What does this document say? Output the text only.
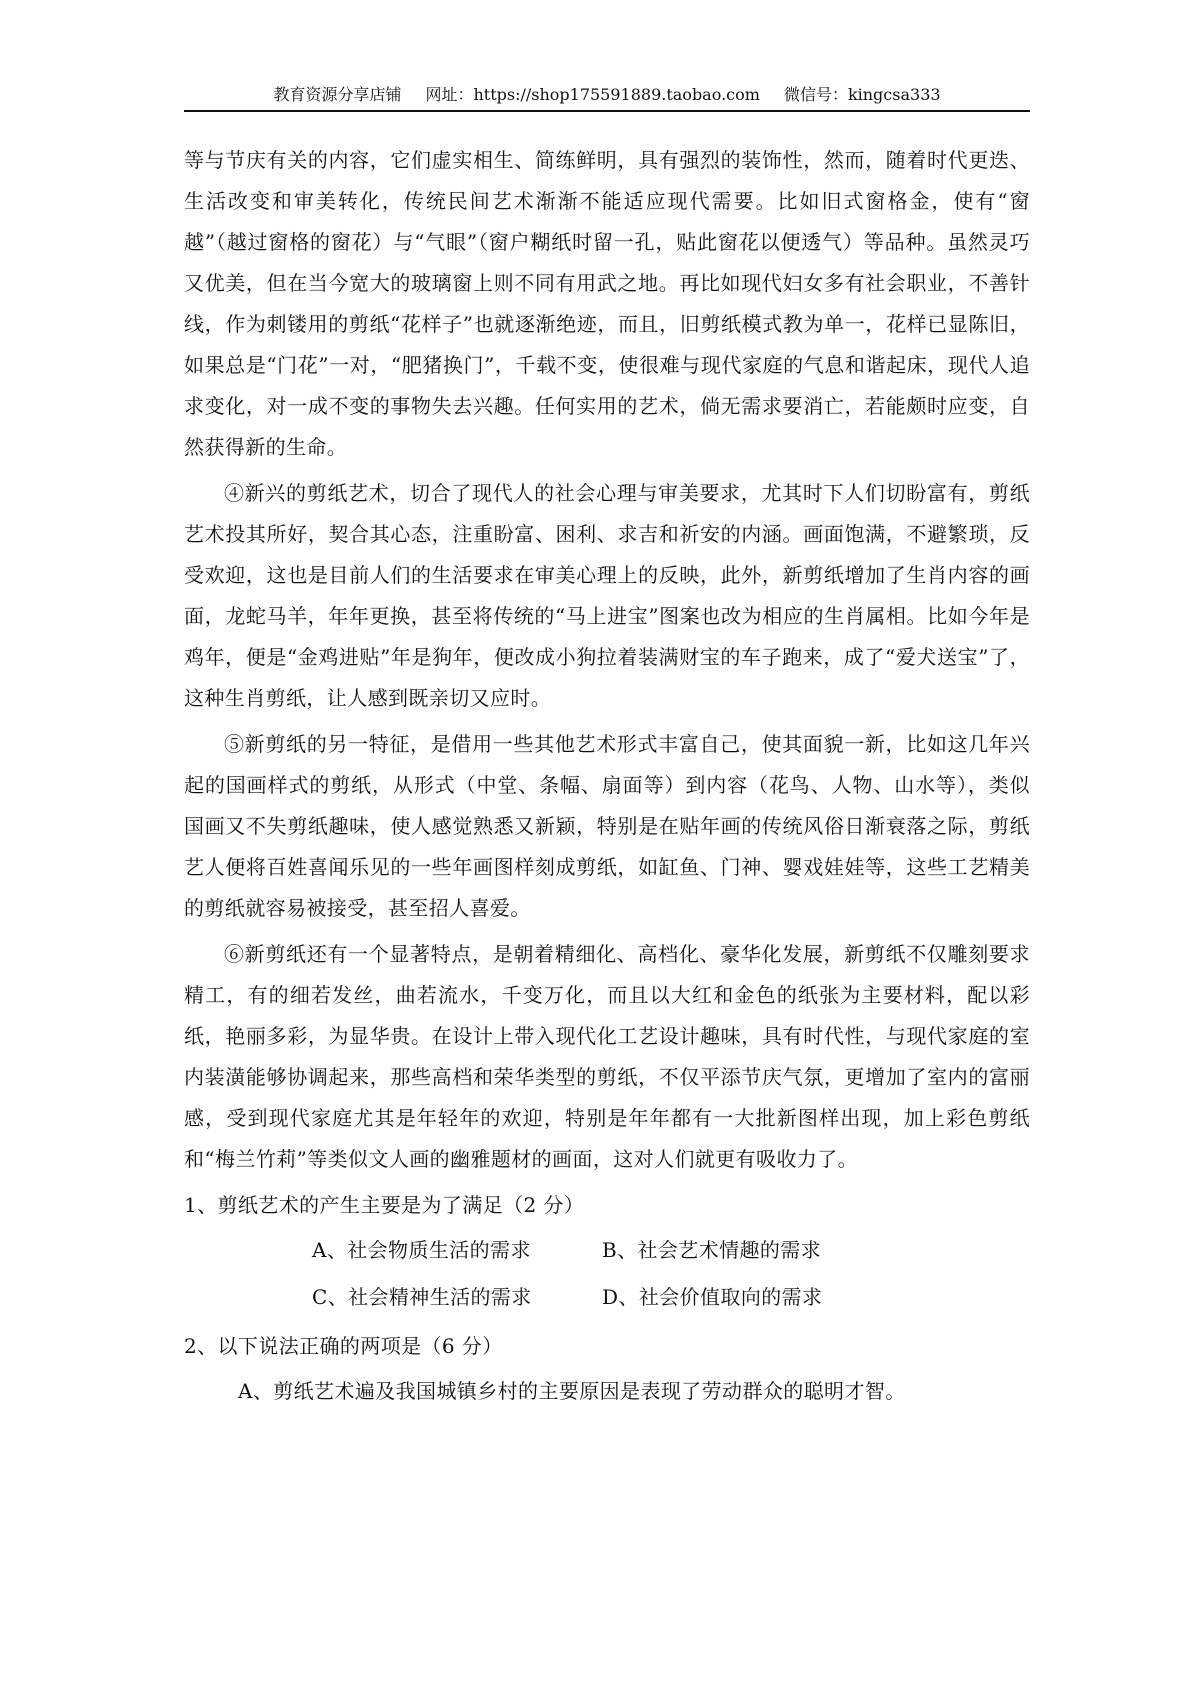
教育资源分享店铺 网址：https://shop175591889.taobao.com 微信号：kingcsa333

等与节庆有关的内容，它们虚实相生、简练鲜明，具有强烈的装饰性，然而，随着时代更迭、生活改变和审美转化，传统民间艺术渐渐不能适应现代需要。比如旧式窗格金，使有“窗越”（越过窗格的窗花）与“气眼”（窗户糊纸时留一孔，贴此窗花以便透气）等品种。虽然灵巧又优美，但在当今宽大的玻璃窗上则不同有用武之地。再比如现代妇女多有社会职业，不善针线，作为刺镂用的剪纸“花样子”也就逐渐绝迹，而且，旧剪纸模式教为单一，花样已显陈旧，如果总是“门花”一对，“肥猪换门”，千载不变，使很难与现代家庭的气息和谐起床，现代人追求变化，对一成不变的事物失去兴趣。任何实用的艺术，倘无需求要消亡，若能颇时应变，自然获得新的生命。

④新兴的剪纸艺术，切合了现代人的社会心理与审美要求，尤其时下人们切盼富有，剪纸艺术投其所好，契合其心态，注重盼富、困利、求吉和祈安的内涵。画面饱满，不避繁琐，反受欢迎，这也是目前人们的生活要求在审美心理上的反映，此外，新剪纸增加了生肖内容的画面，龙蛇马羊，年年更换，甚至将传统的“马上进宝”图案也改为相应的生肖属相。比如今年是鸡年，便是“金鸡进贴”年是狗年，便改成小狗拉着装满财宝的车子跑来，成了“爱犬送宝”了，这种生肖剪纸，让人感到既亲切又应时。

⑤新剪纸的另一特征，是借用一些其他艺术形式丰富自己，使其面貌一新，比如这几年兴起的国画样式的剪纸，从形式（中堂、条幅、扇面等）到内容（花鸟、人物、山水等），类似国画又不失剪纸趣味，使人感觉熟悉又新颖，特别是在贴年画的传统风俗日渐衰落之际，剪纸艺人便将百姓喜闻乐见的一些年画图样刻成剪纸，如缸鱼、门神、婴戏娃娃等，这些工艺精美的剪纸就容易被接受，甚至招人喜爱。

⑥新剪纸还有一个显著特点，是朝着精细化、高档化、豪华化发展，新剪纸不仅雕刻要求精工，有的细若发丝，曲若流水，千变万化，而且以大红和金色的纸张为主要材料，配以彩纸，艳丽多彩，为显华贵。在设计上带入现代化工艺设计趣味，具有时代性，与现代家庭的室内装潢能够协调起来，那些高档和荣华类型的剪纸，不仅平添节庆气氛，更增加了室内的富丽感，受到现代家庭尤其是年轻年的欢迎，特别是年年都有一大批新图样出现，加上彩色剪纸和“梅兰竹莉”等类似文人画的幽雅题材的画面，这对人们就更有吸收力了。

1、剪纸艺术的产生主要是为了满足（2 分）
A、社会物质生活的需求	B、社会艺术情趣的需求
C、社会精神生活的需求	D、社会价值取向的需求
2、以下说法正确的两项是（6 分）
A、剪纸艺术遍及我国城镇乡村的主要原因是表现了劳动群众的聪明才智。
